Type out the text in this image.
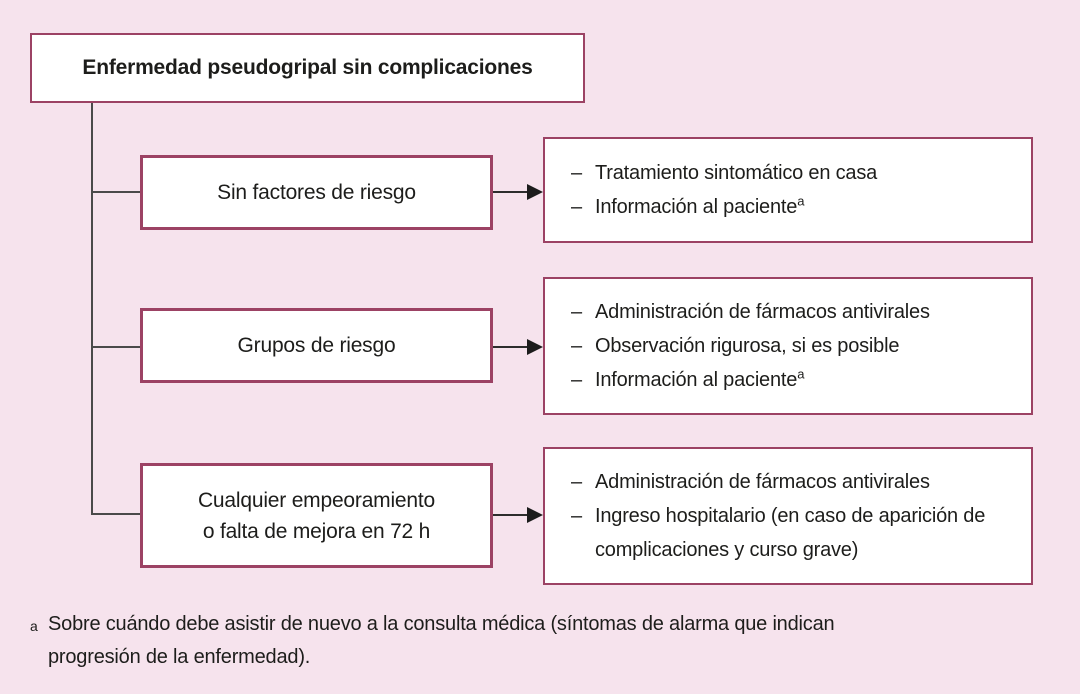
Enfermedad pseudogripal sin complicaciones
Sin factores de riesgo
– Tratamiento sintomático en casa
– Información al paciente$^a$
Grupos de riesgo
– Administración de fármacos antivirales
– Observación rigurosa, si es posible
– Información al paciente$^a$
Cualquier empeoramiento
o falta de mejora en 72 h
– Administración de fármacos antivirales
– Ingreso hospitalario (en caso de aparición de complicaciones y curso grave)
a Sobre cuándo debe asistir de nuevo a la consulta médica (síntomas de alarma que indican progresión de la enfermedad).
